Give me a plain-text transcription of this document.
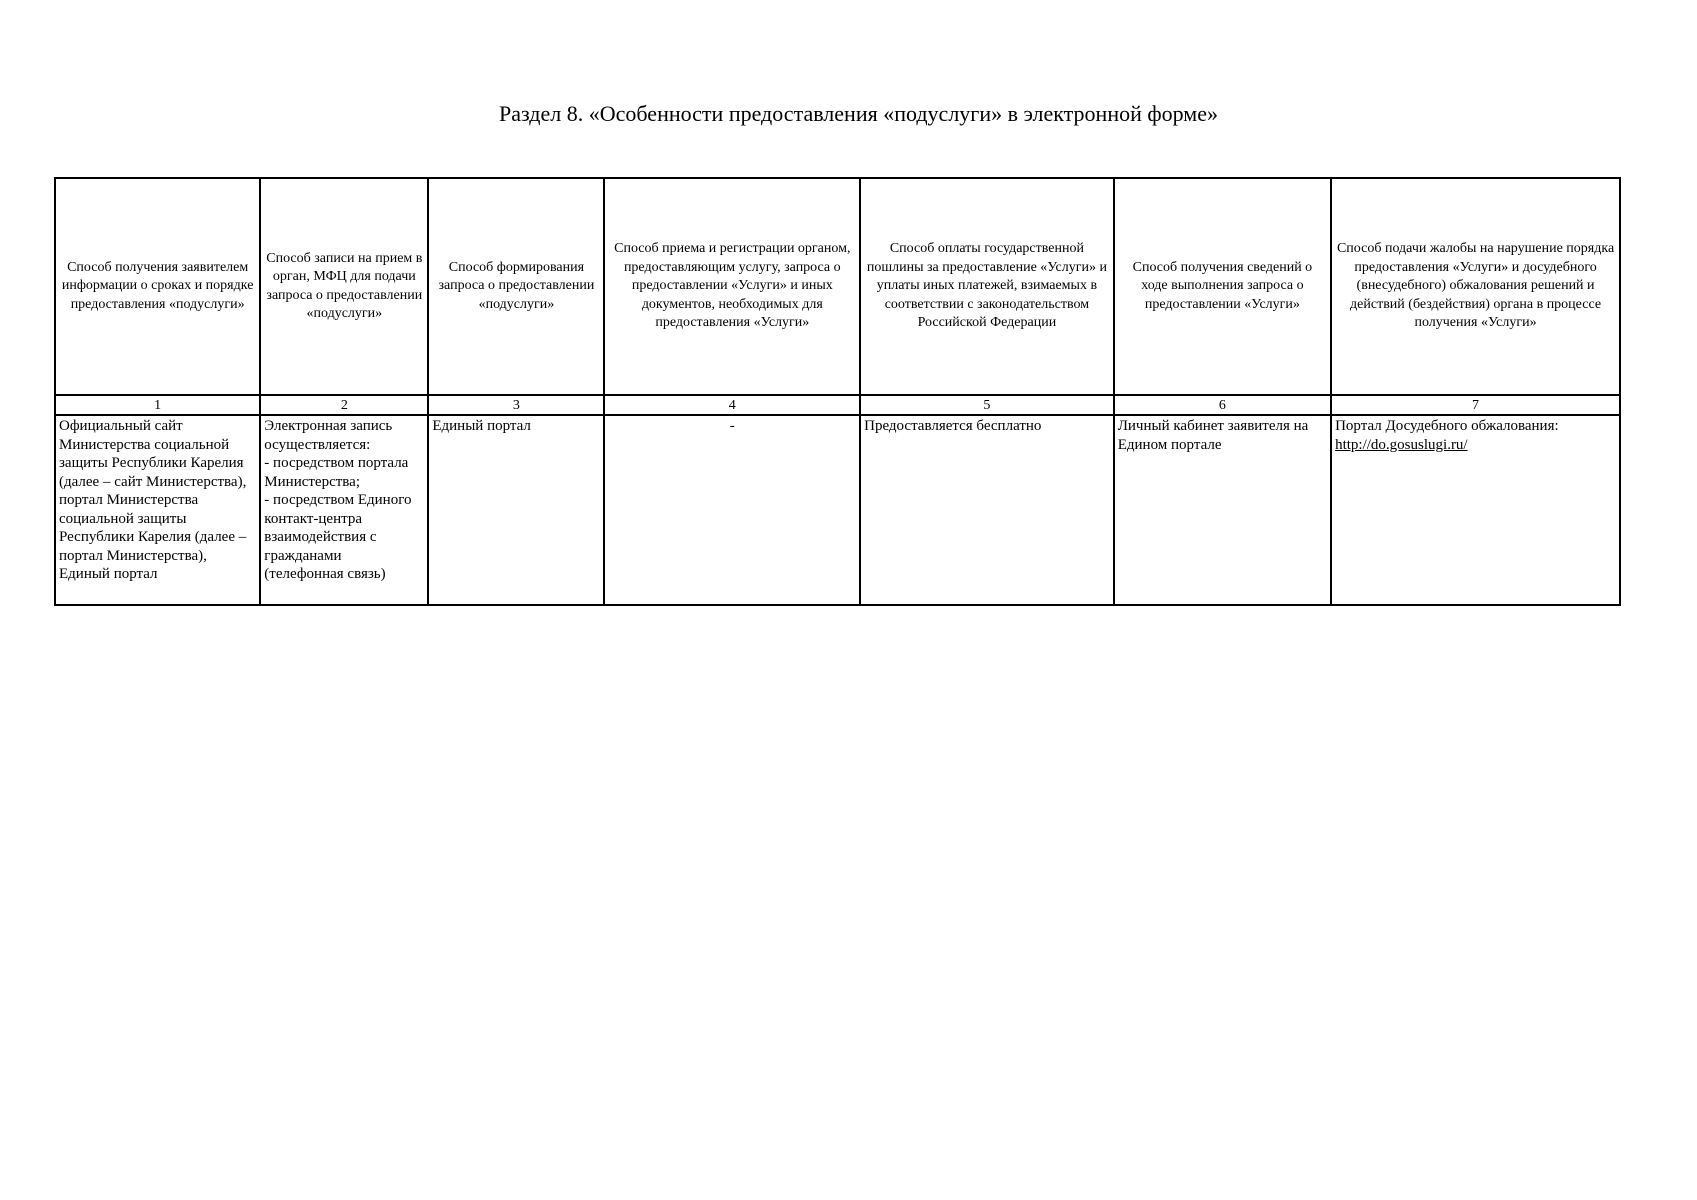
Раздел 8. «Особенности предоставления «подуслуги» в электронной форме»
Способ получения заявителем информации о сроках и порядке предоставления «подуслуги»	Способ записи на прием в орган, МФЦ для подачи запроса о предоставлении «подуслуги»	Способ формирования запроса о предоставлении «подуслуги»	Способ приема и регистрации органом, предоставляющим услугу, запроса о предоставлении «Услуги» и иных документов, необходимых для предоставления «Услуги»	Способ оплаты государственной пошлины за предоставление «Услуги» и уплаты иных платежей, взимаемых в соответствии с законодательством Российской Федерации	Способ получения сведений о ходе выполнения запроса о предоставлении «Услуги»	Способ подачи жалобы на нарушение порядка предоставления «Услуги» и досудебного (внесудебного) обжалования решений и действий (бездействия) органа в процессе получения «Услуги»
1	2	3	4	5	6	7

Официальный сайт Министерства социальной защиты Республики Карелия (далее – сайт Министерства), портал Министерства социальной защиты Республики Карелия (далее – портал Министерства), Единый портал	Электронная запись осуществляется:
- посредством портала Министерства;
- посредством Единого контакт-центра взаимодействия с гражданами (телефонная связь)	Единый портал	-	Предоставляется бесплатно	Личный кабинет заявителя на Едином портале	Портал Досудебного обжалования:
http://do.gosuslugi.ru/
